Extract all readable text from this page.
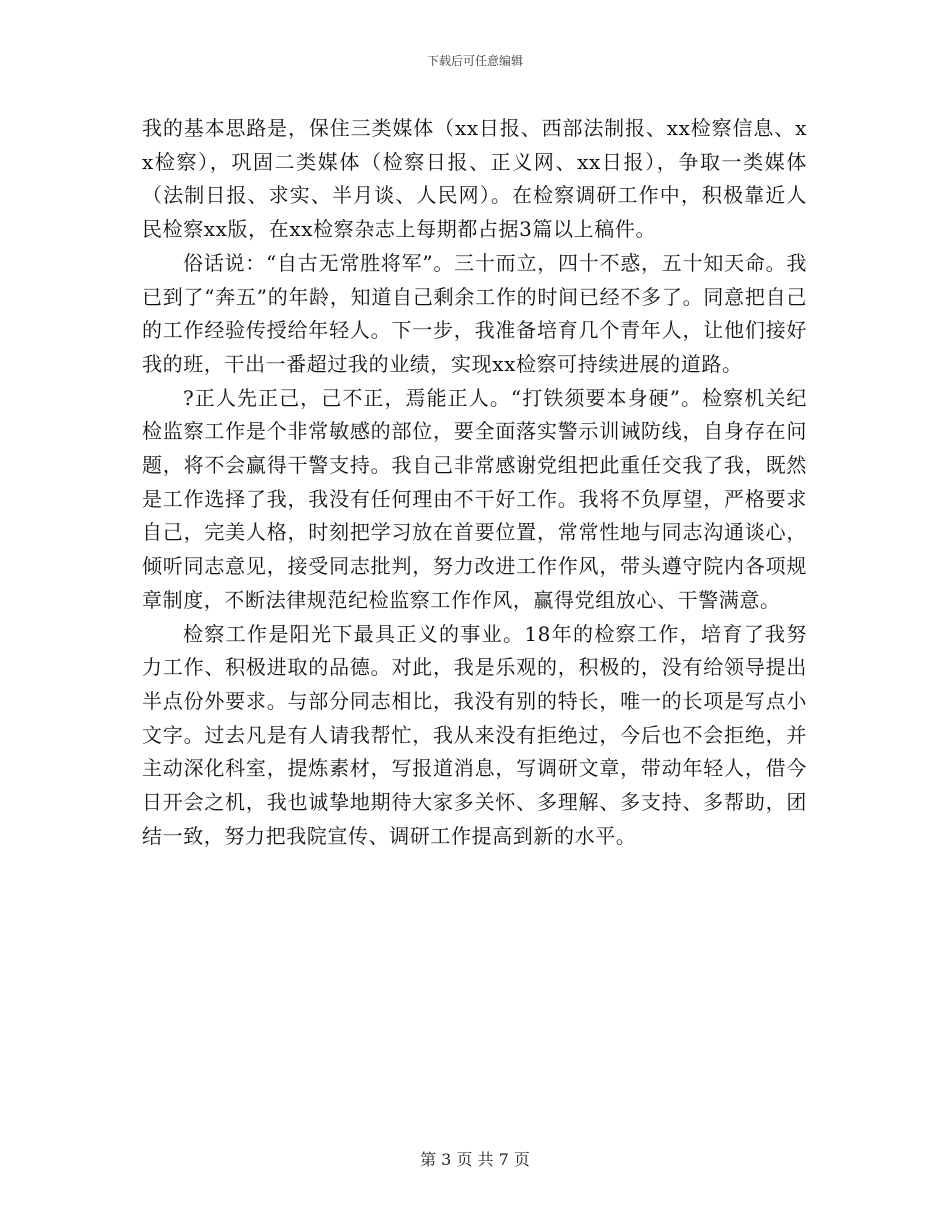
下载后可任意编辑

我的基本思路是，保住三类媒体（xx日报、西部法制报、xx检察信息、xx检察），巩固二类媒体（检察日报、正义网、xx日报），争取一类媒体（法制日报、求实、半月谈、人民网）。在检察调研工作中，积极靠近人民检察xx版，在xx检察杂志上每期都占据3篇以上稿件。

俗话说：“自古无常胜将军”。三十而立，四十不惑，五十知天命。我已到了“奔五”的年龄，知道自己剩余工作的时间已经不多了。同意把自己的工作经验传授给年轻人。下一步，我准备培育几个青年人，让他们接好我的班，干出一番超过我的业绩，实现xx检察可持续进展的道路。

?正人先正己，己不正，焉能正人。“打铁须要本身硬”。检察机关纪检监察工作是个非常敏感的部位，要全面落实警示训诫防线，自身存在问题，将不会赢得干警支持。我自己非常感谢党组把此重任交我了我，既然是工作选择了我，我没有任何理由不干好工作。我将不负厚望，严格要求自己，完美人格，时刻把学习放在首要位置，常常性地与同志沟通谈心，倾听同志意见，接受同志批判，努力改进工作作风，带头遵守院内各项规章制度，不断法律规范纪检监察工作作风，赢得党组放心、干警满意。

检察工作是阳光下最具正义的事业。18年的检察工作，培育了我努力工作、积极进取的品德。对此，我是乐观的，积极的，没有给领导提出半点份外要求。与部分同志相比，我没有别的特长，唯一的长项是写点小文字。过去凡是有人请我帮忙，我从来没有拒绝过，今后也不会拒绝，并主动深化科室，提炼素材，写报道消息，写调研文章，带动年轻人，借今日开会之机，我也诚挚地期待大家多关怀、多理解、多支持、多帮助，团结一致，努力把我院宣传、调研工作提高到新的水平。

第 3 页 共 7 页
